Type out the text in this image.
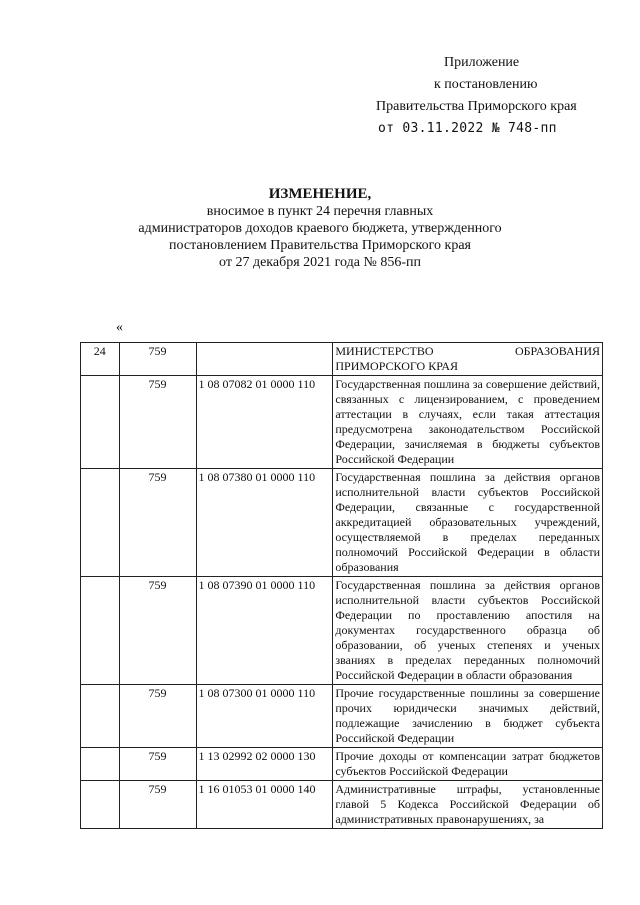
Приложение
к постановлению
Правительства Приморского края
от 03.11.2022 № 748-пп
ИЗМЕНЕНИЕ,
вносимое в пункт 24 перечня главных
администраторов доходов краевого бюджета, утвержденного
постановлением Правительства Приморского края
от 27 декабря 2021 года № 856-пп
«
24	759		МИНИСТЕРСТВО ОБРАЗОВАНИЯ ПРИМОРСКОГО КРАЯ
	759	1 08 07082 01 0000 110	Государственная пошлина за совершение действий, связанных с лицензированием, с проведением аттестации в случаях, если такая аттестация предусмотрена законодательством Российской Федерации, зачисляемая в бюджеты субъектов Российской Федерации
	759	1 08 07380 01 0000 110	Государственная пошлина за действия органов исполнительной власти субъектов Российской Федерации, связанные с государственной аккредитацией образовательных учреждений, осуществляемой в пределах переданных полномочий Российской Федерации в области образования
	759	1 08 07390 01 0000 110	Государственная пошлина за действия органов исполнительной власти субъектов Российской Федерации по проставлению апостиля на документах государственного образца об образовании, об ученых степенях и ученых званиях в пределах переданных полномочий Российской Федерации в области образования
	759	1 08 07300 01 0000 110	Прочие государственные пошлины за совершение прочих юридически значимых действий, подлежащие зачислению в бюджет субъекта Российской Федерации
	759	1 13 02992 02 0000 130	Прочие доходы от компенсации затрат бюджетов субъектов Российской Федерации
	759	1 16 01053 01 0000 140	Административные штрафы, установленные главой 5 Кодекса Российской Федерации об административных правонарушениях, за
